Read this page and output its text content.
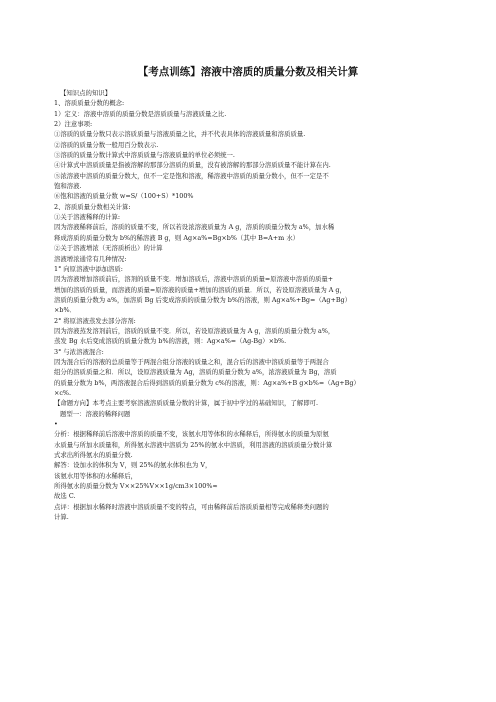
【考点训练】溶液中溶质的质量分数及相关计算
【知识点的知识】
1、溶质质量分数的概念:
1）定义：溶液中溶质的质量分数是溶质质量与溶液质量之比.
2）注意事项:
①溶质的质量分数只表示溶质质量与溶液质量之比，并不代表具体的溶液质量和溶质质量.
②溶质的质量分数一般用百分数表示.
③溶质的质量分数计算式中溶质质量与溶液质量的单位必须统一.
④计算式中溶质质量是指被溶解的那部分溶质的质量，没有被溶解的那部分溶质质量不能计算在内.
⑤浓溶液中溶质的质量分数大，但不一定是饱和溶液，稀溶液中溶质的质量分数小，但不一定是不
饱和溶液.
⑥饱和溶液的质量分数 w=S/（100+S）*100%
2、溶质质量分数相关计算:
①关于溶液稀释的计算:
因为溶液稀释前后，溶质的质量不变，所以若设浓溶液质量为 A g，溶质的质量分数为 a%，加水稀
释成溶质的质量分数为 b%的稀溶液 B g，则 Ag×a%=Bg×b%（其中 B=A+m 水）
②关于溶液增浓（无溶质析出）的计算
溶液增浓通常有几种情况:
1° 向原溶液中添加溶质:
因为溶液增加溶质前后，溶剂的质量不变．增加溶质后，溶液中溶质的质量=原溶液中溶质的质量+
增加的溶质的质量，而溶液的质量=原溶液的质量+增加的溶质的质量．所以，若设原溶液质量为 A g，
溶质的质量分数为 a%，加溶质 Bg 后变成溶质的质量分数为 b%的溶液，则 Ag×a%+Bg=（Ag+Bg）
×b%．
2° 将原溶液蒸发去部分溶剂:
因为溶液蒸发溶剂前后，溶质的质量不变．所以，若设原溶液质量为 A g，溶质的质量分数为 a%，
蒸发 Bg 水后变成溶质的质量分数为 b%的溶液，则：Ag×a%=（Ag-Bg）×b%.
3° 与浓溶液混合:
因为混合后的溶液的总质量等于两混合组分溶液的质量之和，混合后的溶液中溶质质量等于两混合
组分的溶质质量之和．所以，设原溶液质量为 Ag，溶质的质量分数为 a%，浓溶液质量为 Bg，溶质
的质量分数为 b%，两溶液混合后得到溶质的质量分数为 c%的溶液，则：Ag×a%+B g×b%=（Ag+Bg）
×c%.
【命题方向】本考点主要考察溶液溶质质量分数的计算，属于初中学过的基础知识，了解即可.
题型一：溶液的稀释问题
•
分析：根据稀释前后溶液中溶质的质量不变，该氨水用等体积的水稀释后，所得氨水的质量为原氨
水质量与所加水质量和，所得氨水溶液中溶质为 25%的氨水中溶质，利用溶液的溶质质量分数计算
式求出所得氨水的质量分数.
解答：设加水的体积为 V，则 25%的氨水体积也为 V，
该氨水用等体积的水稀释后，
所得氨水的质量分数为 V××25%V××1g/cm3×100%≈
故选 C.
点评：根据加水稀释时溶液中溶质质量不变的特点，可由稀释前后溶质质量相等完成稀释类问题的
计算.
